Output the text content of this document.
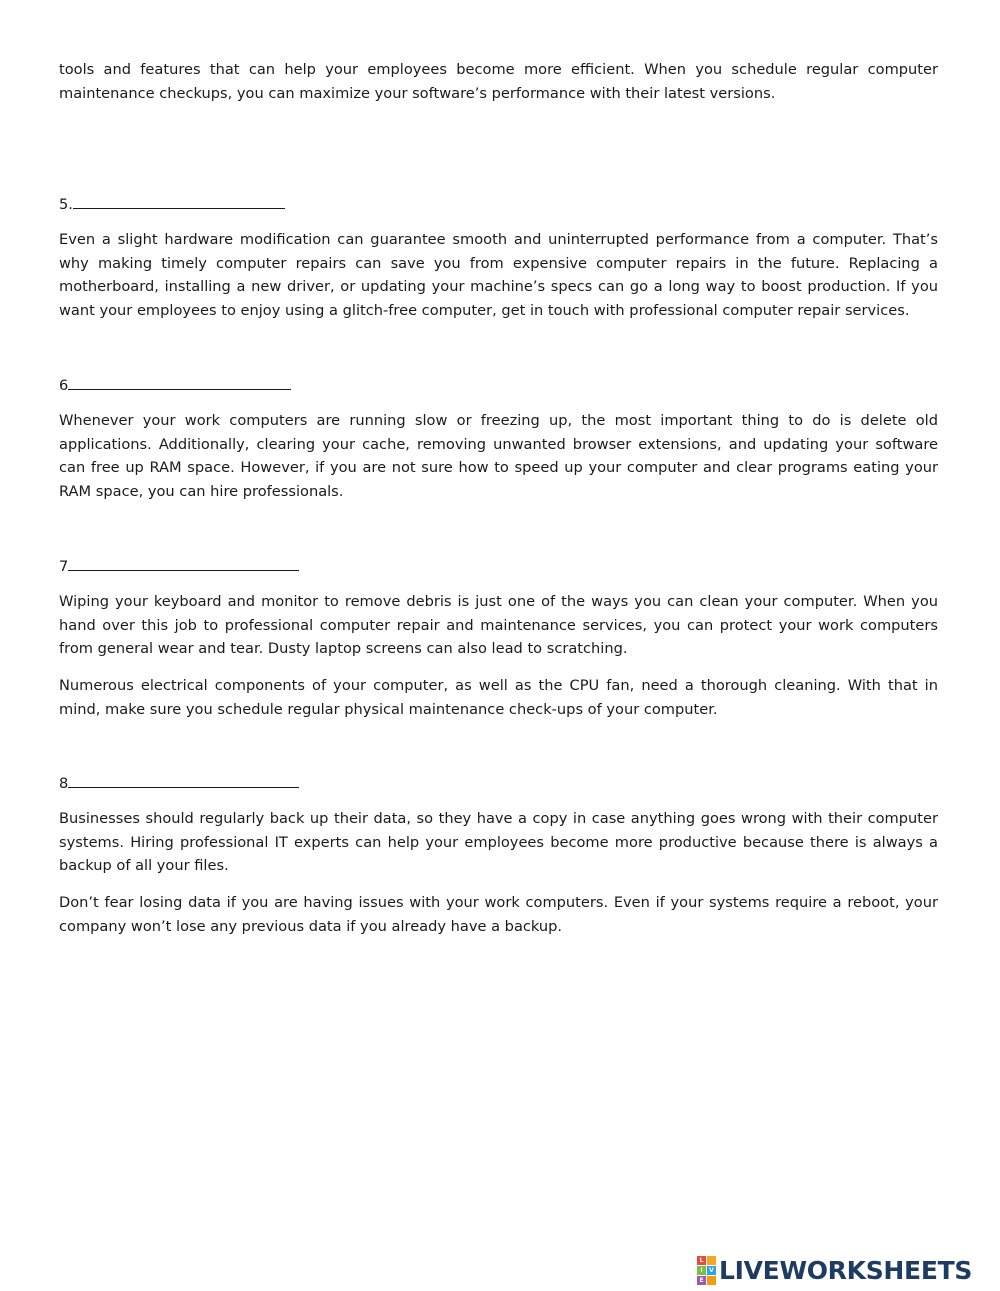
tools and features that can help your employees become more efficient. When you schedule regular computer maintenance checkups, you can maximize your software’s performance with their latest versions.

5.

Even a slight hardware modification can guarantee smooth and uninterrupted performance from a computer. That’s why making timely computer repairs can save you from expensive computer repairs in the future. Replacing a motherboard, installing a new driver, or updating your machine’s specs can go a long way to boost production. If you want your employees to enjoy using a glitch-free computer, get in touch with professional computer repair services.

6

Whenever your work computers are running slow or freezing up, the most important thing to do is delete old applications. Additionally, clearing your cache, removing unwanted browser extensions, and updating your software can free up RAM space. However, if you are not sure how to speed up your computer and clear programs eating your RAM space, you can hire professionals.

7

Wiping your keyboard and monitor to remove debris is just one of the ways you can clean your computer. When you hand over this job to professional computer repair and maintenance services, you can protect your work computers from general wear and tear. Dusty laptop screens can also lead to scratching.

Numerous electrical components of your computer, as well as the CPU fan, need a thorough cleaning. With that in mind, make sure you schedule regular physical maintenance check-ups of your computer.

8

Businesses should regularly back up their data, so they have a copy in case anything goes wrong with their computer systems. Hiring professional IT experts can help your employees become more productive because there is always a backup of all your files.

Don’t fear losing data if you are having issues with your work computers. Even if your systems require a reboot, your company won’t lose any previous data if you already have a backup.

L
I	V
E LIVEWORKSHEETS
